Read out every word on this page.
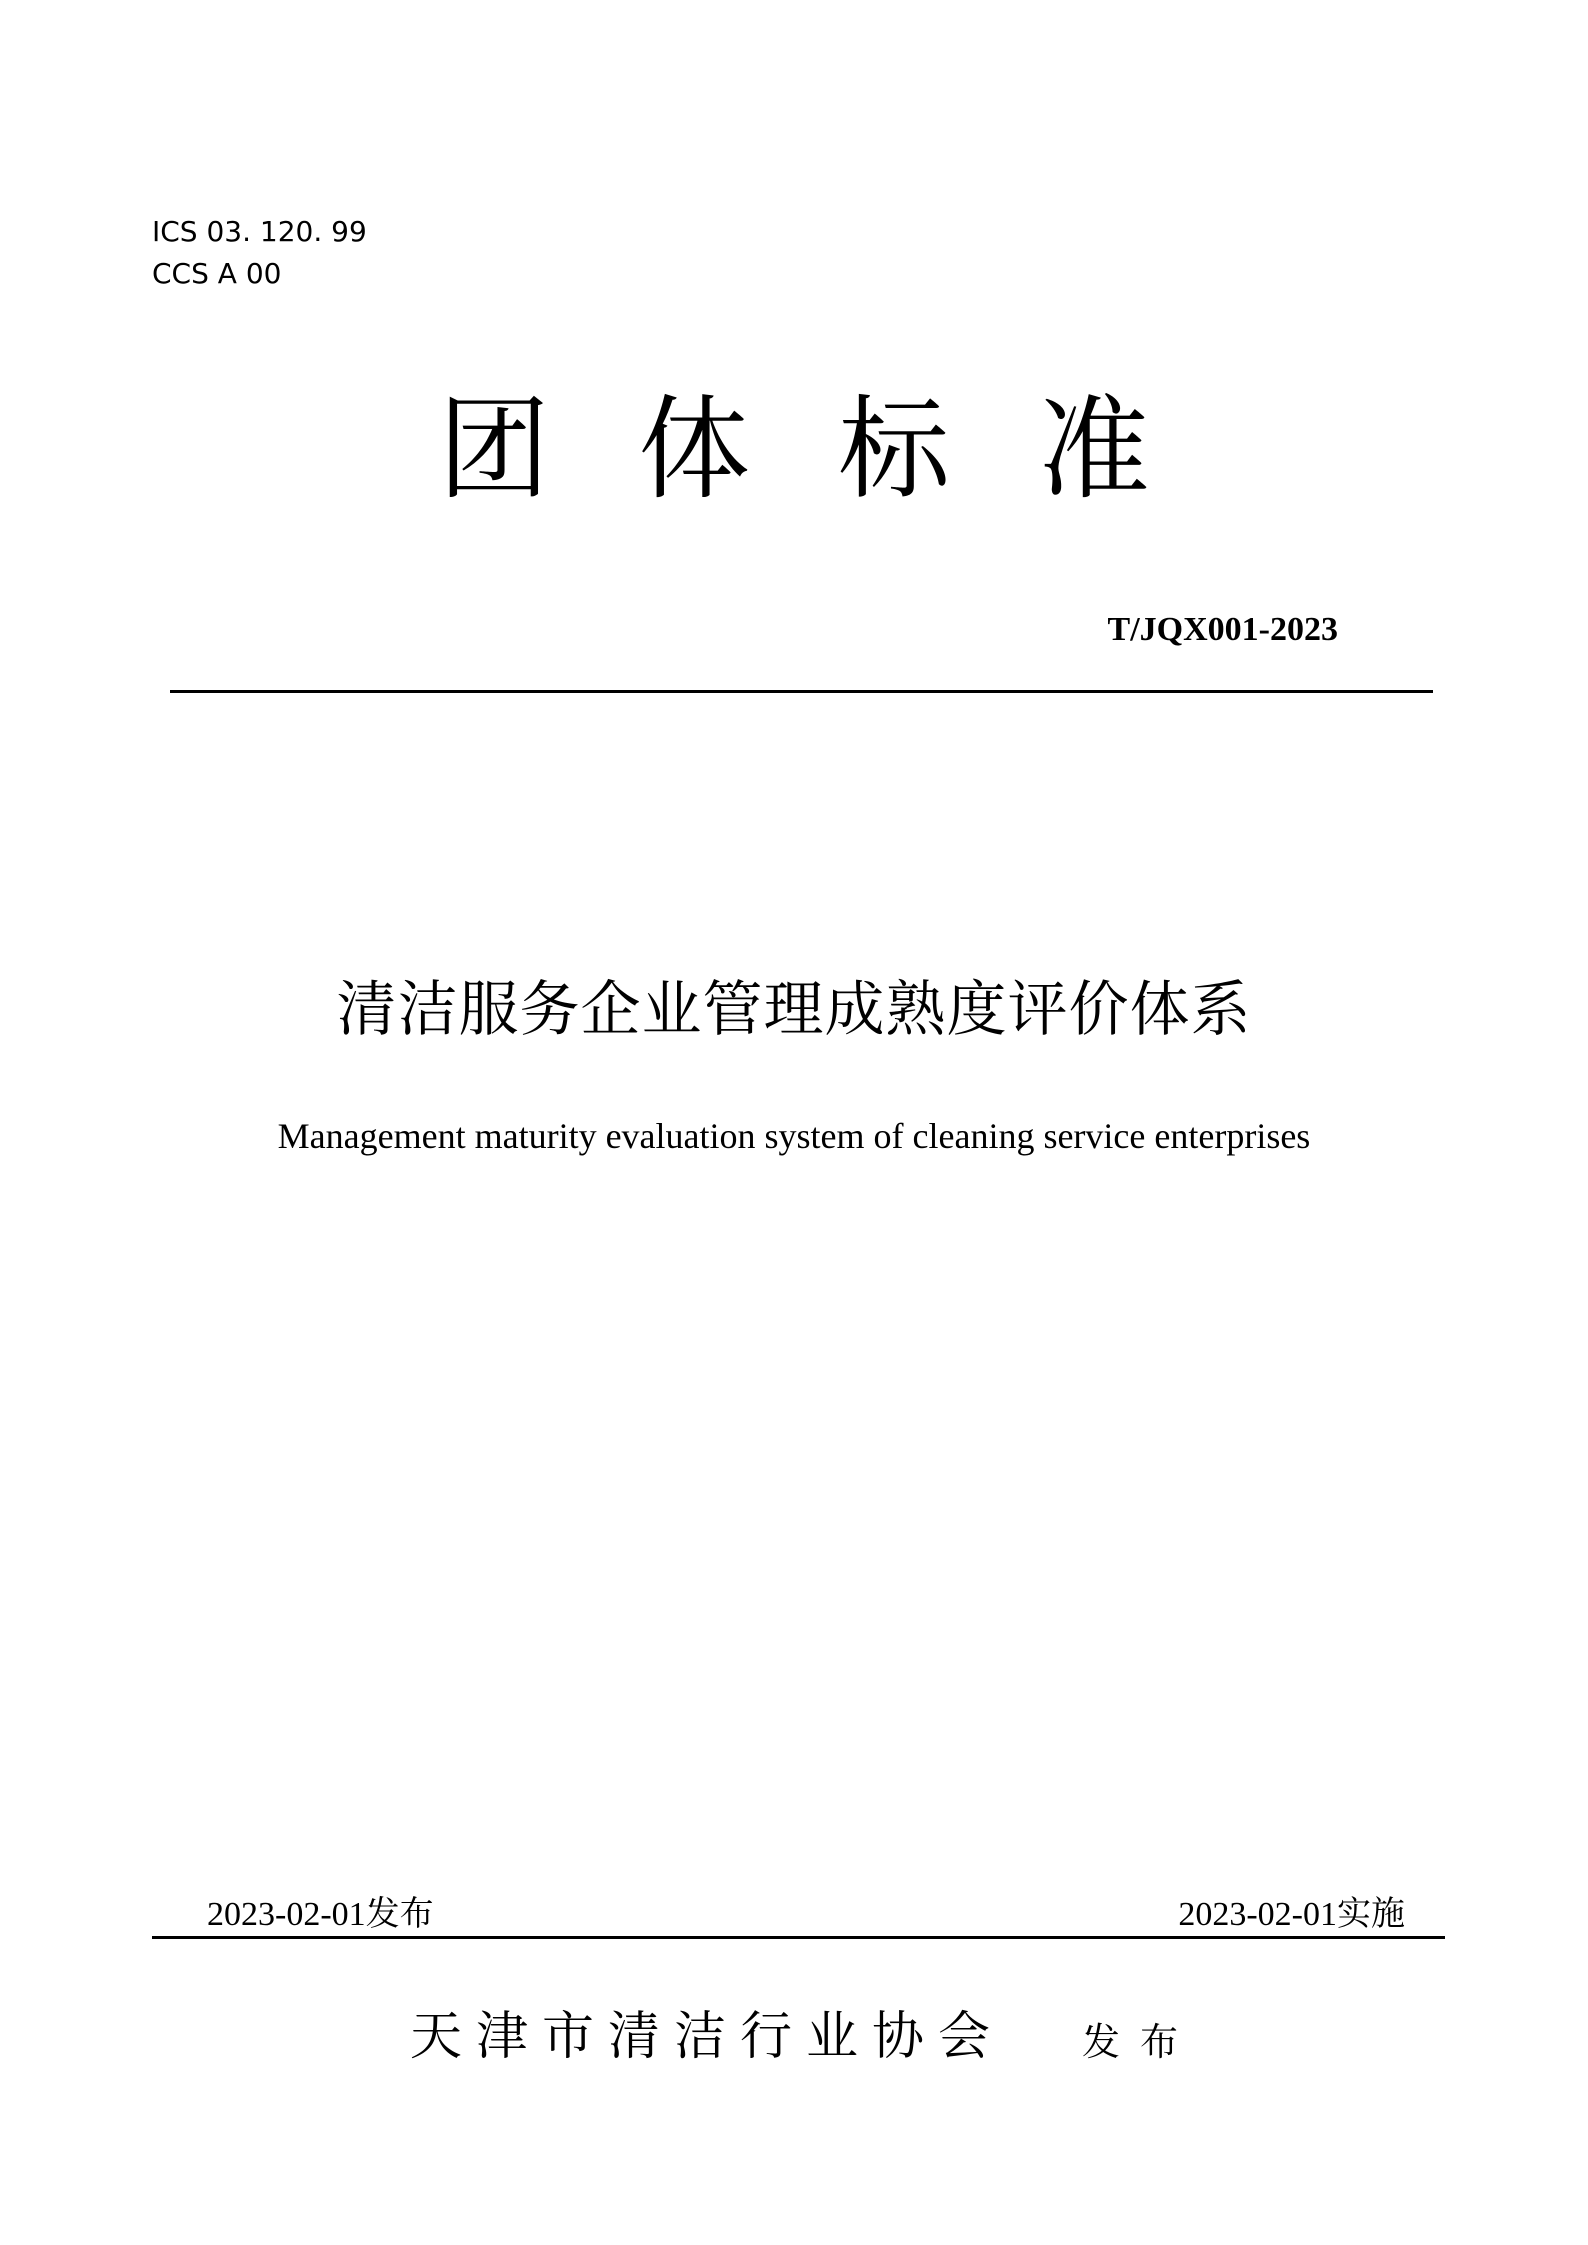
ICS 03. 120. 99
CCS A 00
团体标准
T/JQX001-2023
清洁服务企业管理成熟度评价体系
Management maturity evaluation system of cleaning service enterprises
2023-02-01发布	2023-02-01实施
天津市清洁行业协会 发布
